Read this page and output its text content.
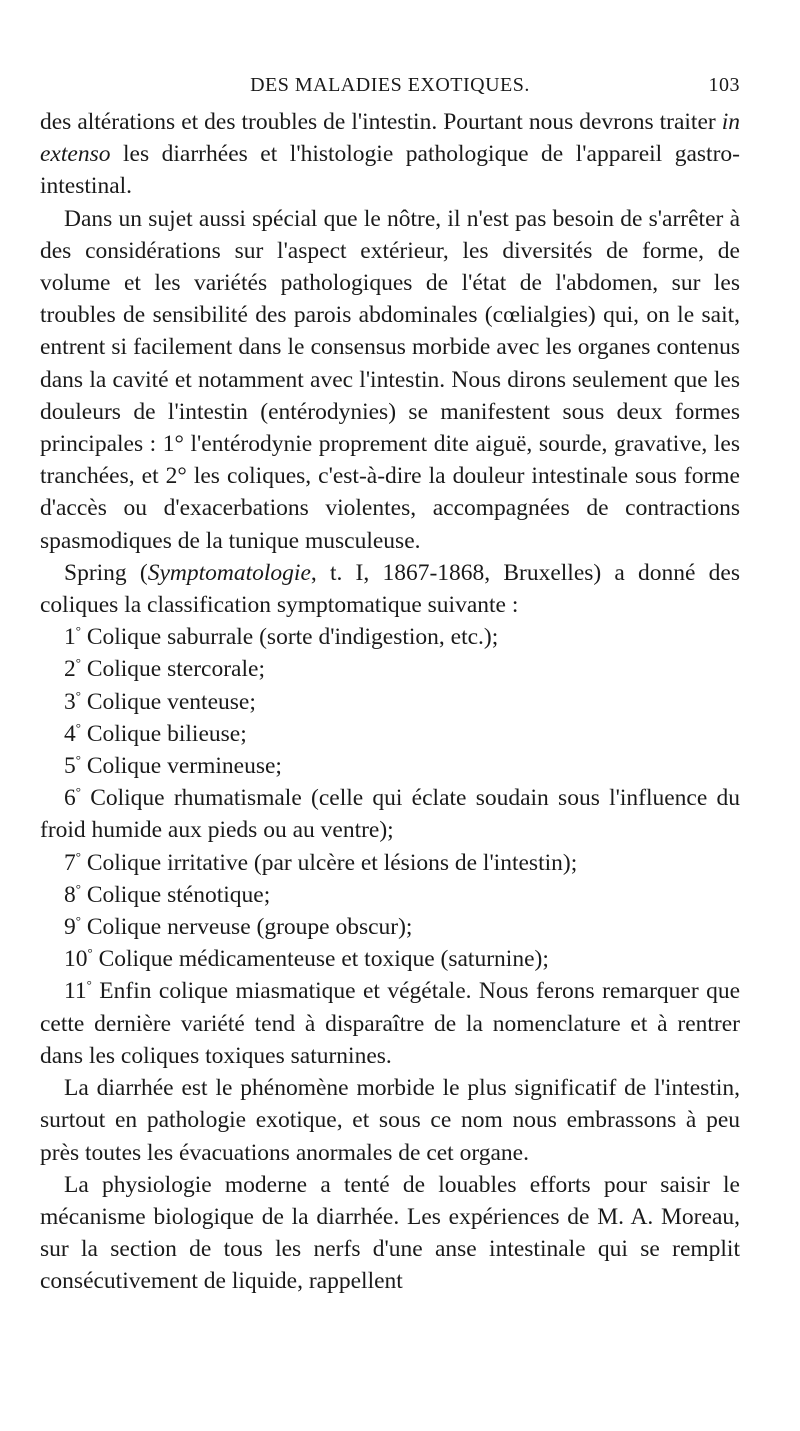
DES MALADIES EXOTIQUES.	103

des altérations et des troubles de l'intestin. Pourtant nous devrons traiter in extenso les diarrhées et l'histologie pathologique de l'appareil gastro-intestinal.

Dans un sujet aussi spécial que le nôtre, il n'est pas besoin de s'arrêter à des considérations sur l'aspect extérieur, les diversités de forme, de volume et les variétés pathologiques de l'état de l'abdomen, sur les troubles de sensibilité des parois abdominales (cœlialgies) qui, on le sait, entrent si facilement dans le consensus morbide avec les organes contenus dans la cavité et notamment avec l'intestin. Nous dirons seulement que les douleurs de l'intestin (entérodynies) se manifestent sous deux formes principales : 1° l'entérodynie proprement dite aiguë, sourde, gravative, les tranchées, et 2° les coliques, c'est-à-dire la douleur intestinale sous forme d'accès ou d'exacerbations violentes, accompagnées de contractions spasmodiques de la tunique musculeuse.

Spring (Symptomatologie, t. I, 1867-1868, Bruxelles) a donné des coliques la classification symptomatique suivante :

1° Colique saburrale (sorte d'indigestion, etc.);
2° Colique stercorale;
3° Colique venteuse;
4° Colique bilieuse;
5° Colique vermineuse;
6° Colique rhumatismale (celle qui éclate soudain sous l'influence du froid humide aux pieds ou au ventre);
7° Colique irritative (par ulcère et lésions de l'intestin);
8° Colique sténotique;
9° Colique nerveuse (groupe obscur);
10° Colique médicamenteuse et toxique (saturnine);
11° Enfin colique miasmatique et végétale. Nous ferons remarquer que cette dernière variété tend à disparaître de la nomenclature et à rentrer dans les coliques toxiques saturnines.

La diarrhée est le phénomène morbide le plus significatif de l'intestin, surtout en pathologie exotique, et sous ce nom nous embrassons à peu près toutes les évacuations anormales de cet organe.

La physiologie moderne a tenté de louables efforts pour saisir le mécanisme biologique de la diarrhée. Les expériences de M. A. Moreau, sur la section de tous les nerfs d'une anse intestinale qui se remplit consécutivement de liquide, rappellent
